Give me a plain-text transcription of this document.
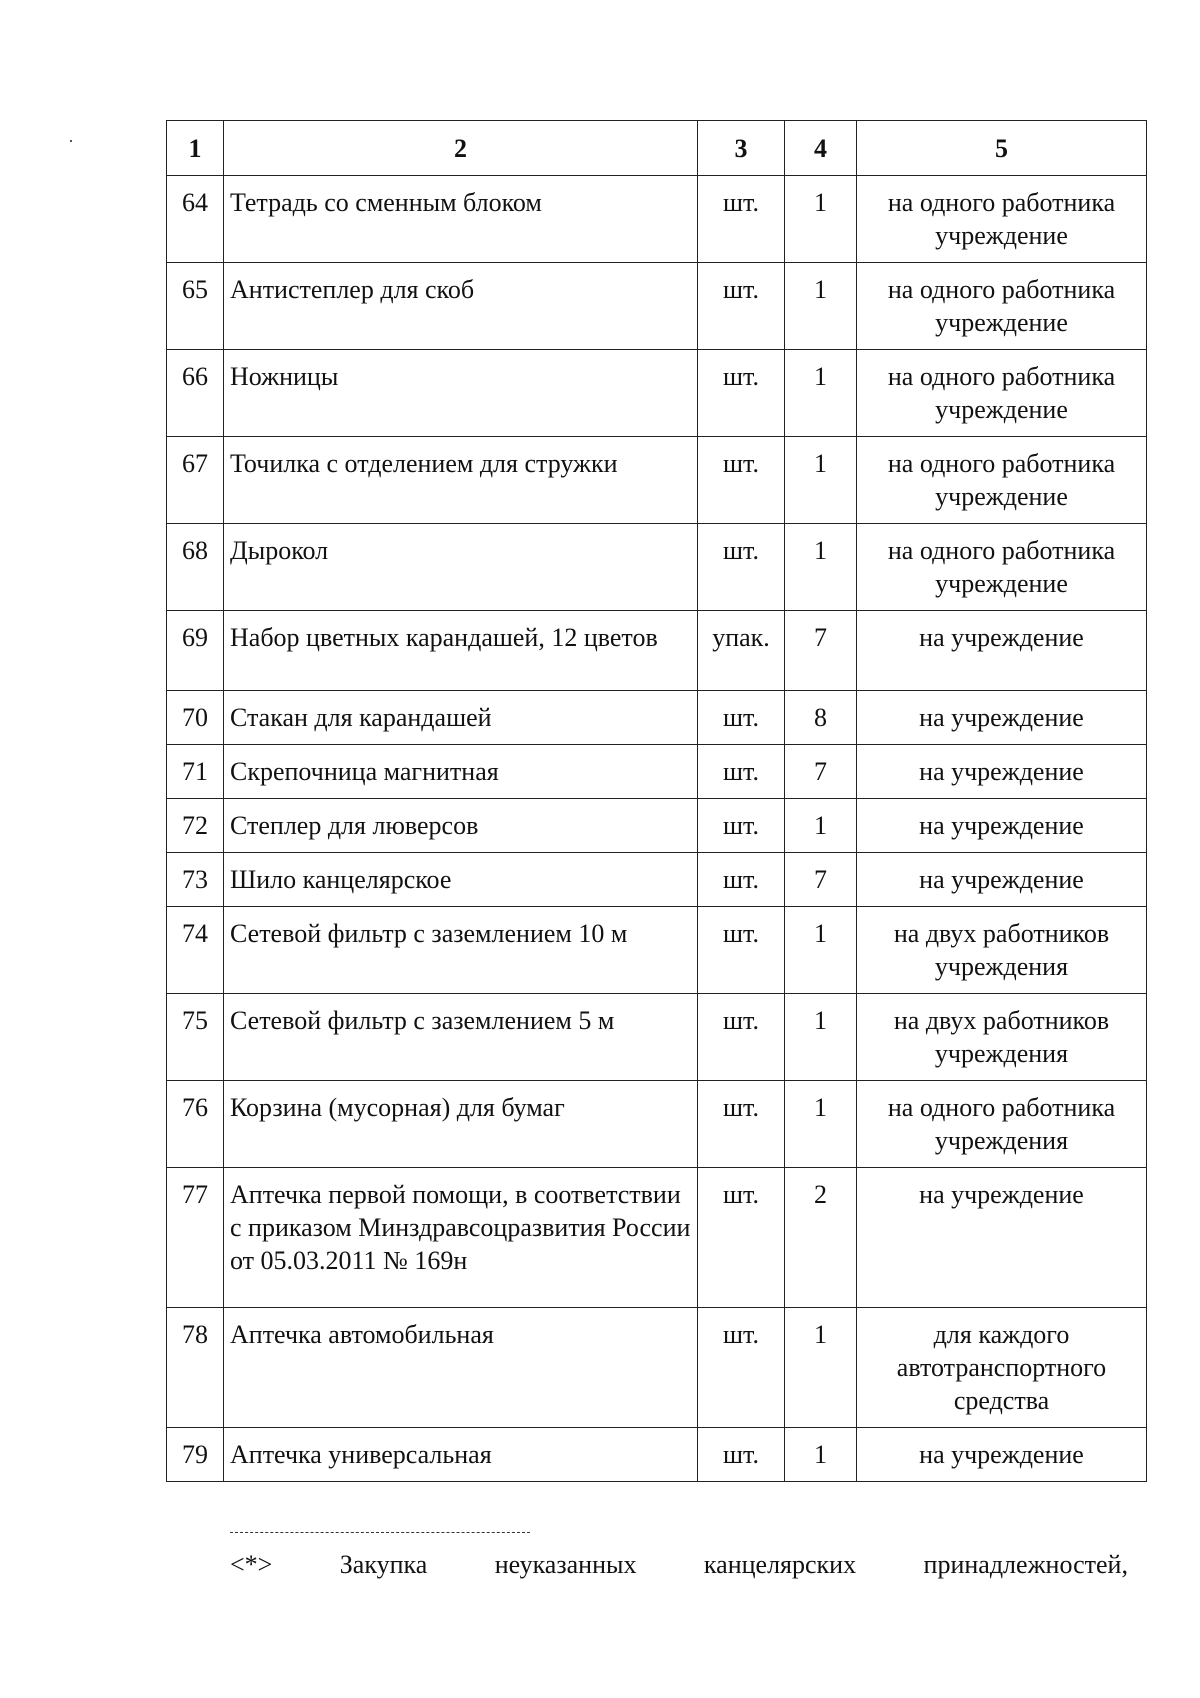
1	2	3	4	5
64	Тетрадь со сменным блоком	шт.	1	на одного работника учреждение
65	Антистеплер для скоб	шт.	1	на одного работника учреждение
66	Ножницы	шт.	1	на одного работника учреждение
67	Точилка с отделением для стружки	шт.	1	на одного работника учреждение
68	Дырокол	шт.	1	на одного работника учреждение
69	Набор цветных карандашей, 12 цветов	упак.	7	на учреждение
70	Стакан для карандашей	шт.	8	на учреждение
71	Скрепочница магнитная	шт.	7	на учреждение
72	Степлер для люверсов	шт.	1	на учреждение
73	Шило канцелярское	шт.	7	на учреждение
74	Сетевой фильтр с заземлением 10 м	шт.	1	на двух работников учреждения
75	Сетевой фильтр с заземлением 5 м	шт.	1	на двух работников учреждения
76	Корзина (мусорная) для бумаг	шт.	1	на одного работника учреждения
77	Аптечка первой помощи, в соответствии с приказом Минздравсоцразвития России от 05.03.2011 № 169н	шт.	2	на учреждение
78	Аптечка автомобильная	шт.	1	для каждого автотранспортного средства
79	Аптечка универсальная	шт.	1	на учреждение
<*>	Закупка	неуказанных	канцелярских	принадлежностей,
